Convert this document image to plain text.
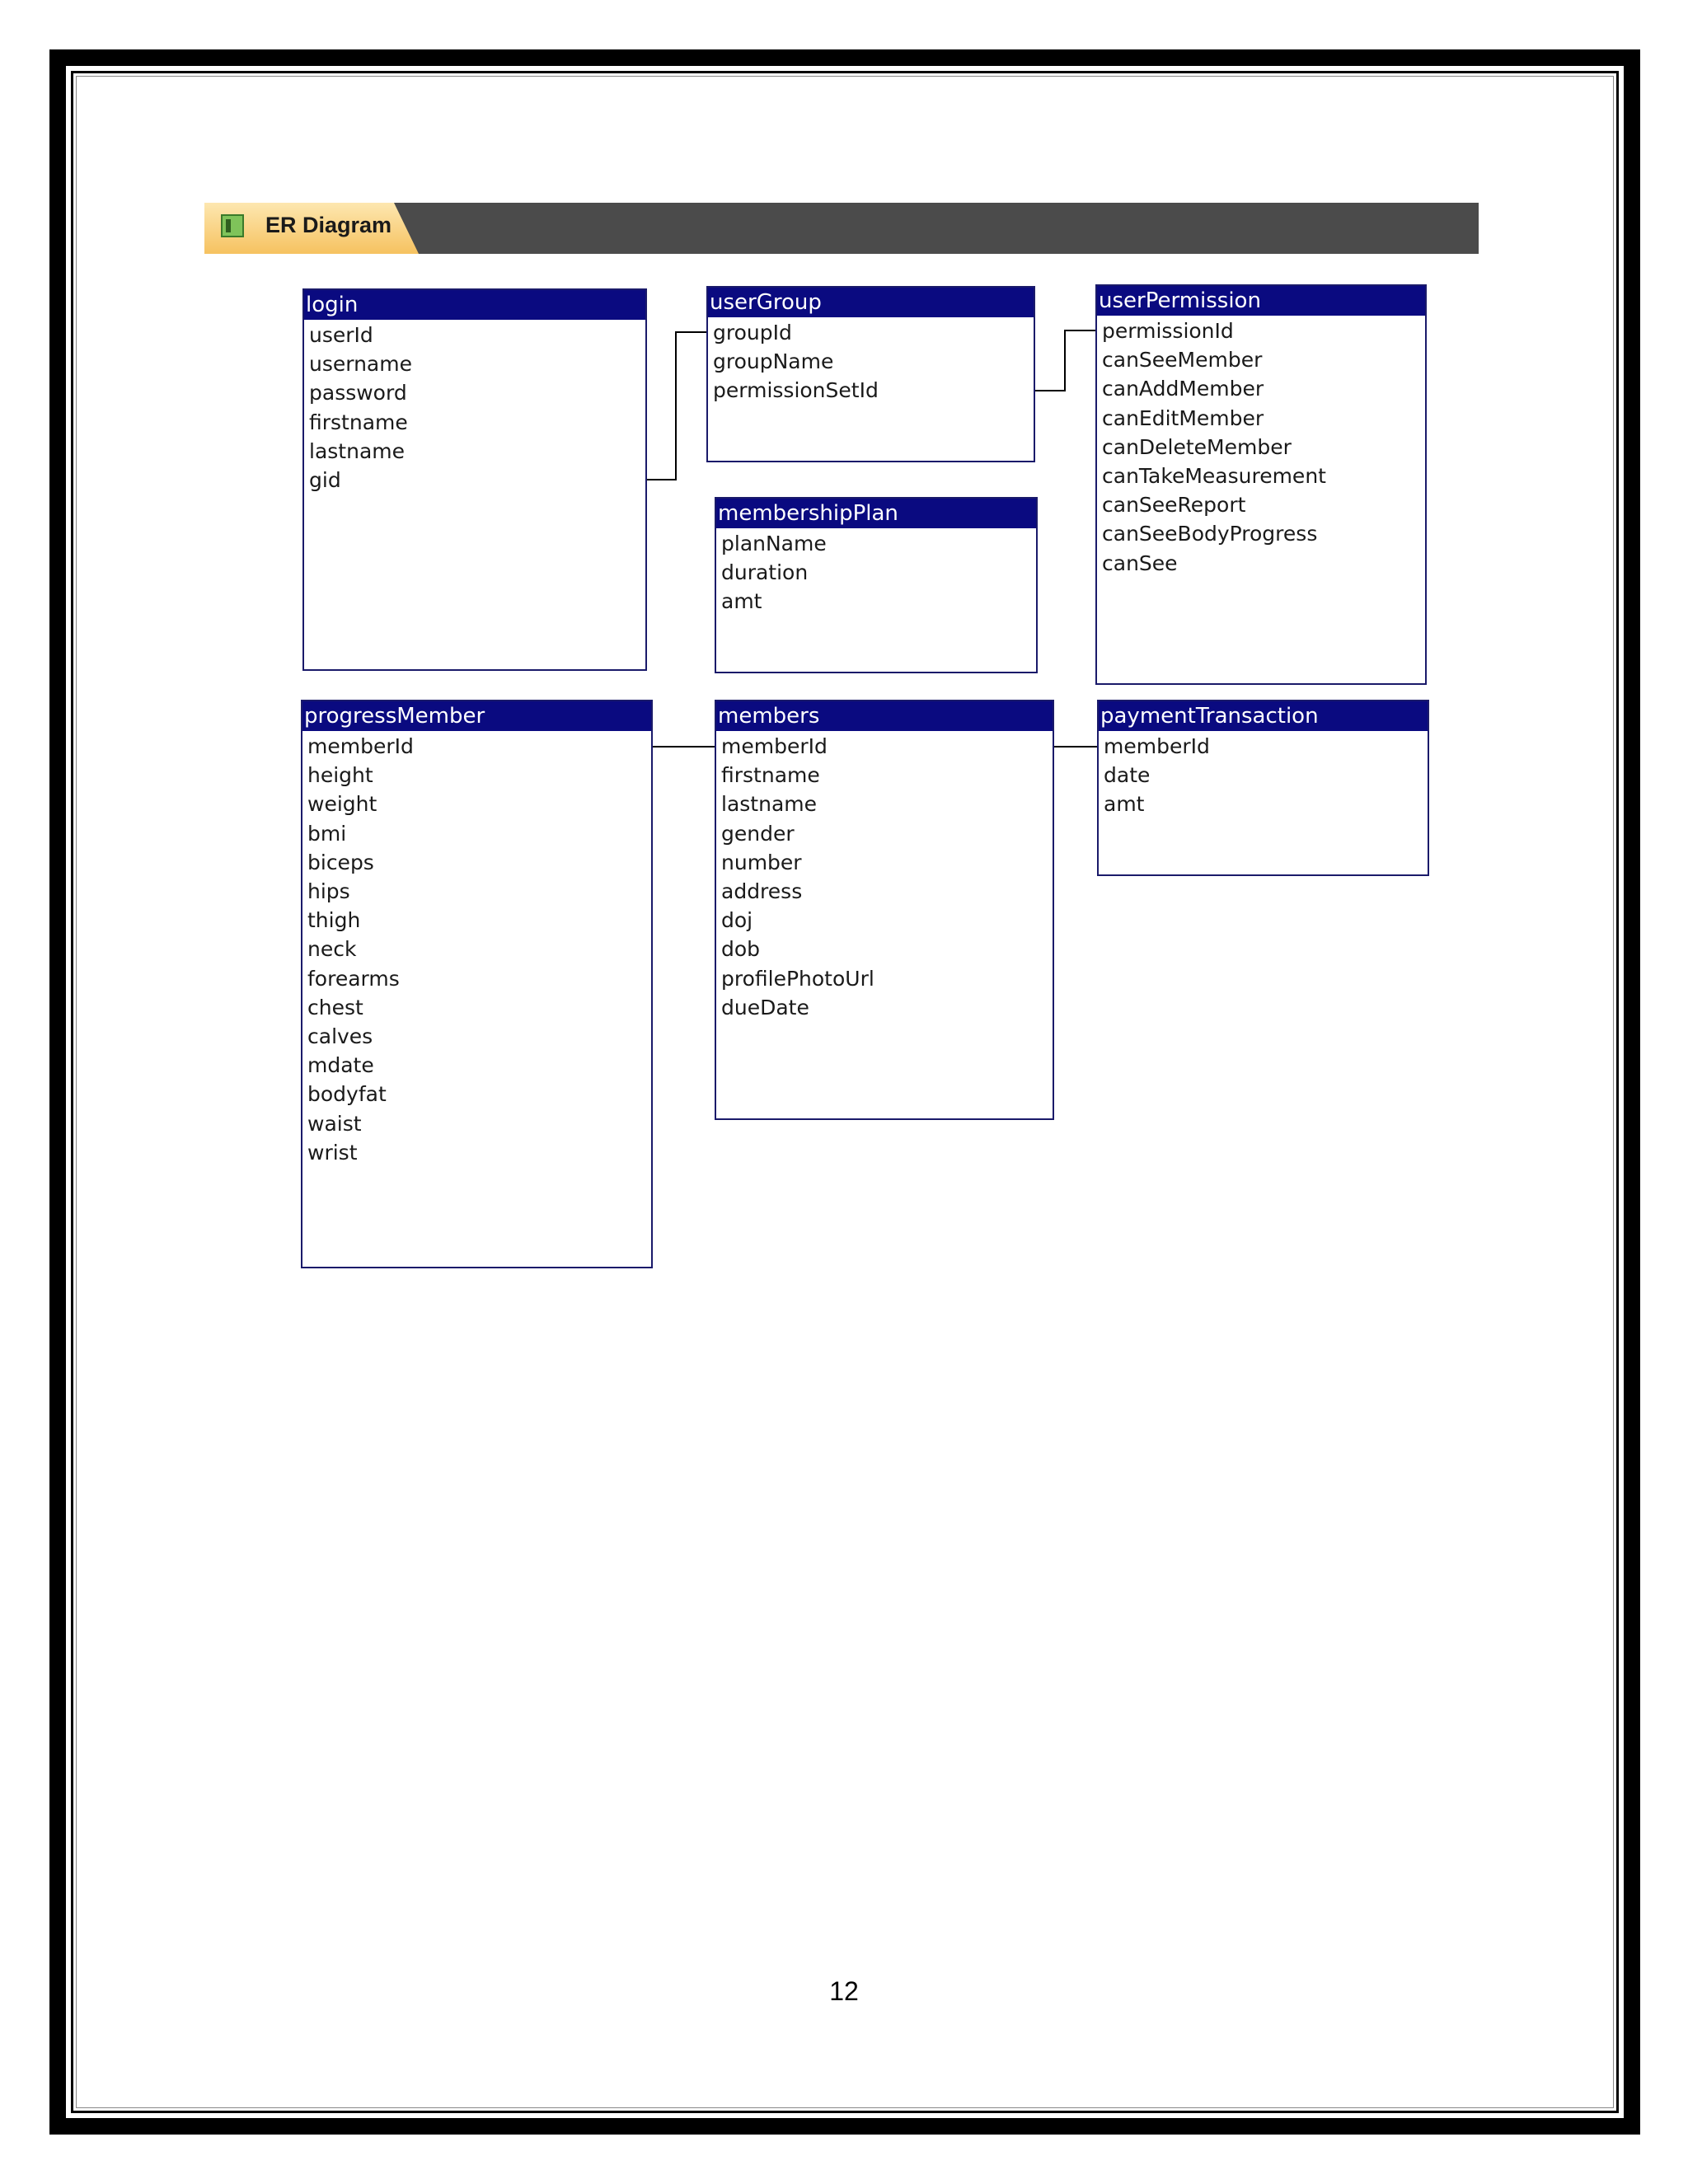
ER Diagram
login
userId
username
password
firstname
lastname
gid
userGroup
groupId
groupName
permissionSetId
userPermission
permissionId
canSeeMember
canAddMember
canEditMember
canDeleteMember
canTakeMeasurement
canSeeReport
canSeeBodyProgress
canSee
membershipPlan
planName
duration
amt
progressMember
memberId
height
weight
bmi
biceps
hips
thigh
neck
forearms
chest
calves
mdate
bodyfat
waist
wrist
members
memberId
firstname
lastname
gender
number
address
doj
dob
profilePhotoUrl
dueDate
paymentTransaction
memberId
date
amt
12
